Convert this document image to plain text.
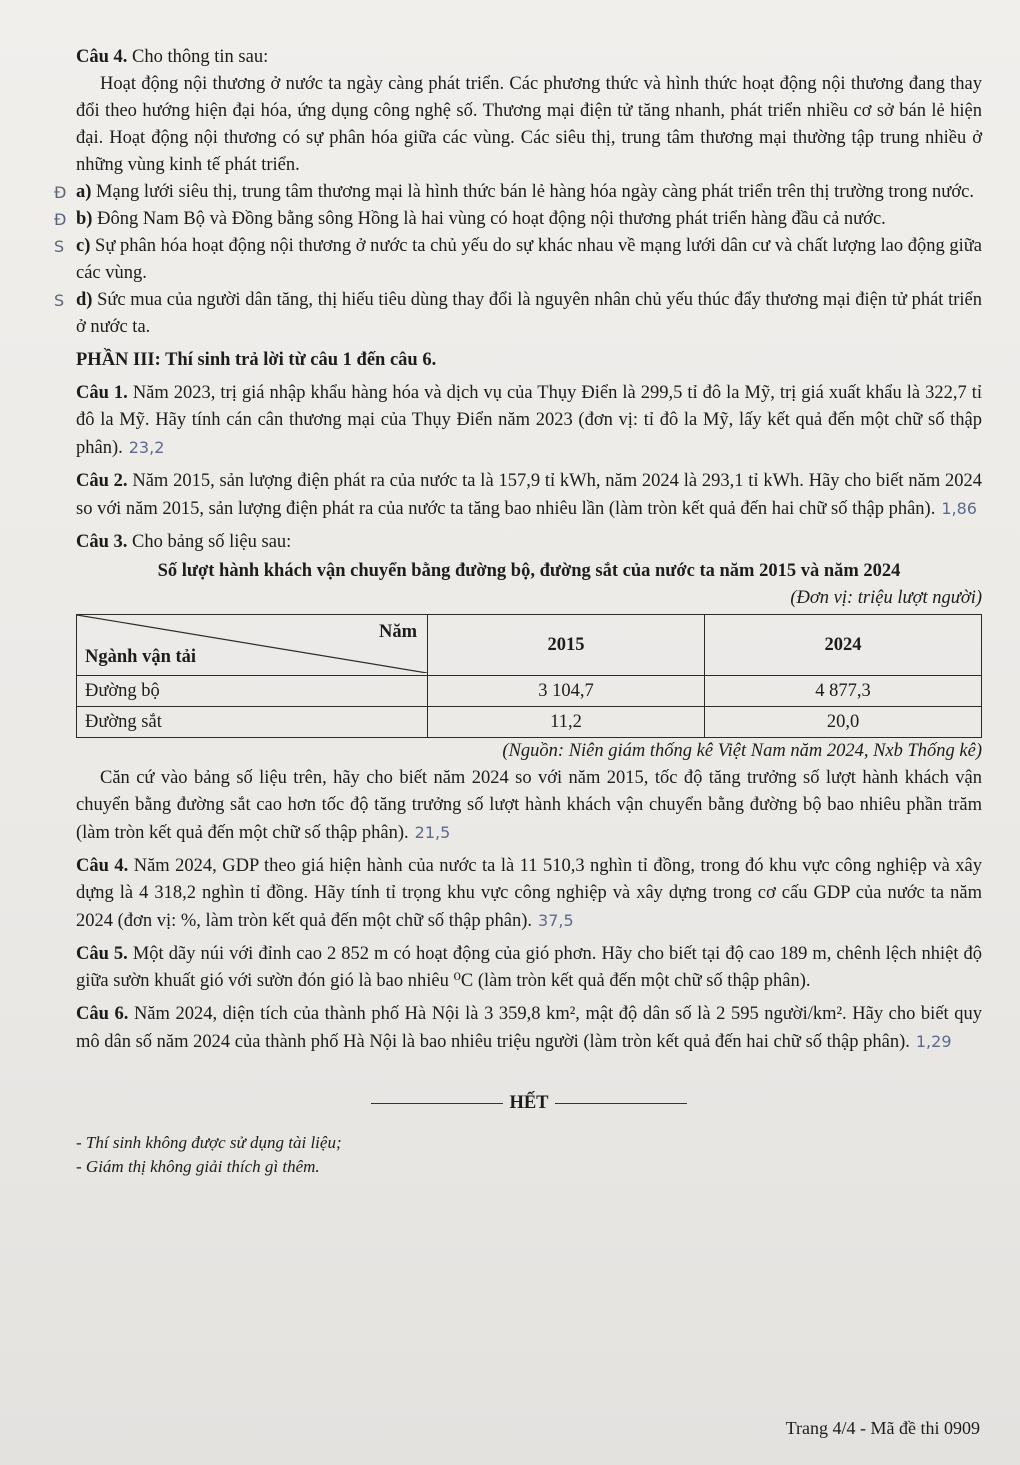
Câu 4. Cho thông tin sau:

Hoạt động nội thương ở nước ta ngày càng phát triển. Các phương thức và hình thức hoạt động nội thương đang thay đổi theo hướng hiện đại hóa, ứng dụng công nghệ số. Thương mại điện tử tăng nhanh, phát triển nhiều cơ sở bán lẻ hiện đại. Hoạt động nội thương có sự phân hóa giữa các vùng. Các siêu thị, trung tâm thương mại thường tập trung nhiều ở những vùng kinh tế phát triển.

Đ a) Mạng lưới siêu thị, trung tâm thương mại là hình thức bán lẻ hàng hóa ngày càng phát triển trên thị trường trong nước.

Đ b) Đông Nam Bộ và Đồng bằng sông Hồng là hai vùng có hoạt động nội thương phát triển hàng đầu cả nước.

S c) Sự phân hóa hoạt động nội thương ở nước ta chủ yếu do sự khác nhau về mạng lưới dân cư và chất lượng lao động giữa các vùng.

S d) Sức mua của người dân tăng, thị hiếu tiêu dùng thay đổi là nguyên nhân chủ yếu thúc đẩy thương mại điện tử phát triển ở nước ta.

PHẦN III: Thí sinh trả lời từ câu 1 đến câu 6.

Câu 1. Năm 2023, trị giá nhập khẩu hàng hóa và dịch vụ của Thụy Điển là 299,5 tỉ đô la Mỹ, trị giá xuất khẩu là 322,7 tỉ đô la Mỹ. Hãy tính cán cân thương mại của Thụy Điển năm 2023 (đơn vị: tỉ đô la Mỹ, lấy kết quả đến một chữ số thập phân). 23,2

Câu 2. Năm 2015, sản lượng điện phát ra của nước ta là 157,9 tỉ kWh, năm 2024 là 293,1 tỉ kWh. Hãy cho biết năm 2024 so với năm 2015, sản lượng điện phát ra của nước ta tăng bao nhiêu lần (làm tròn kết quả đến hai chữ số thập phân). 1,86

Câu 3. Cho bảng số liệu sau:

Số lượt hành khách vận chuyển bằng đường bộ, đường sắt của nước ta năm 2015 và năm 2024

(Đơn vị: triệu lượt người)

Năm
Ngành vận tải	2015	2024
Đường bộ	3 104,7	4 877,3
Đường sắt	11,2	20,0

(Nguồn: Niên giám thống kê Việt Nam năm 2024, Nxb Thống kê)

Căn cứ vào bảng số liệu trên, hãy cho biết năm 2024 so với năm 2015, tốc độ tăng trưởng số lượt hành khách vận chuyển bằng đường sắt cao hơn tốc độ tăng trưởng số lượt hành khách vận chuyển bằng đường bộ bao nhiêu phần trăm (làm tròn kết quả đến một chữ số thập phân). 21,5

Câu 4. Năm 2024, GDP theo giá hiện hành của nước ta là 11 510,3 nghìn tỉ đồng, trong đó khu vực công nghiệp và xây dựng là 4 318,2 nghìn tỉ đồng. Hãy tính tỉ trọng khu vực công nghiệp và xây dựng trong cơ cấu GDP của nước ta năm 2024 (đơn vị: %, làm tròn kết quả đến một chữ số thập phân). 37,5

Câu 5. Một dãy núi với đỉnh cao 2 852 m có hoạt động của gió phơn. Hãy cho biết tại độ cao 189 m, chênh lệch nhiệt độ giữa sườn khuất gió với sườn đón gió là bao nhiêu ⁰C (làm tròn kết quả đến một chữ số thập phân).

Câu 6. Năm 2024, diện tích của thành phố Hà Nội là 3 359,8 km², mật độ dân số là 2 595 người/km². Hãy cho biết quy mô dân số năm 2024 của thành phố Hà Nội là bao nhiêu triệu người (làm tròn kết quả đến hai chữ số thập phân). 1,29

HẾT
- Thí sinh không được sử dụng tài liệu;
- Giám thị không giải thích gì thêm.
Trang 4/4 - Mã đề thi 0909
